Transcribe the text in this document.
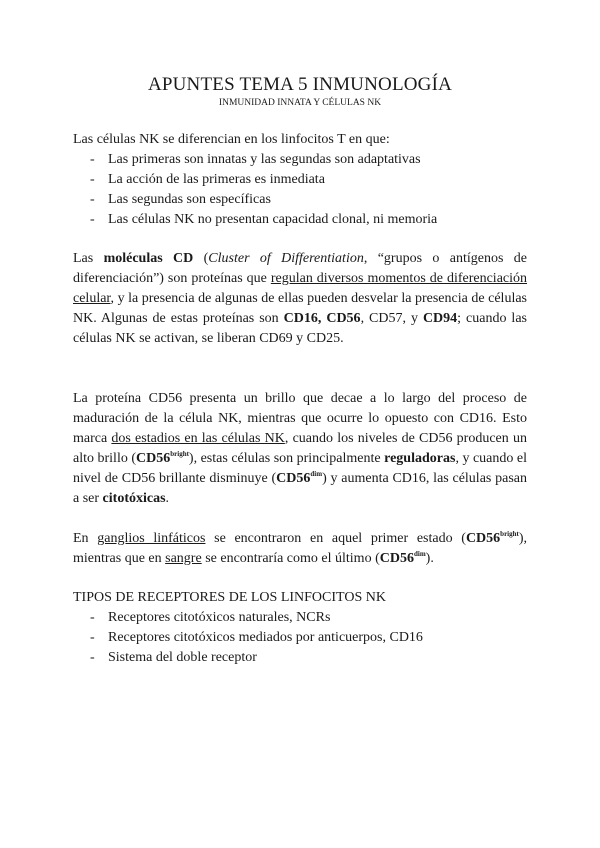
APUNTES TEMA 5 INMUNOLOGÍA
INMUNIDAD INNATA Y CÉLULAS NK

Las células NK se diferencian en los linfocitos T en que:

- Las primeras son innatas y las segundas son adaptativas
- La acción de las primeras es inmediata
- Las segundas son específicas
- Las células NK no presentan capacidad clonal, ni memoria

Las moléculas CD (Cluster of Differentiation, “grupos o antígenos de diferenciación”) son proteínas que regulan diversos momentos de diferenciación celular, y la presencia de algunas de ellas pueden desvelar la presencia de células NK. Algunas de estas proteínas son CD16, CD56, CD57, y CD94; cuando las células NK se activan, se liberan CD69 y CD25.

La proteína CD56 presenta un brillo que decae a lo largo del proceso de maduración de la célula NK, mientras que ocurre lo opuesto con CD16. Esto marca dos estadios en las células NK, cuando los niveles de CD56 producen un alto brillo $(CD56^{bright})$, estas células son principalmente reguladoras, y cuando el nivel de CD56 brillante disminuye $(CD56^{dim})$ y aumenta CD16, las células pasan a ser citotóxicas.

En ganglios linfáticos se encontraron en aquel primer estado $(CD56^{bright})$, mientras que en sangre se encontraría como el último $(CD56^{dim})$.

TIPOS DE RECEPTORES DE LOS LINFOCITOS NK

- Receptores citotóxicos naturales, NCRs
- Receptores citotóxicos mediados por anticuerpos, CD16
- Sistema del doble receptor
